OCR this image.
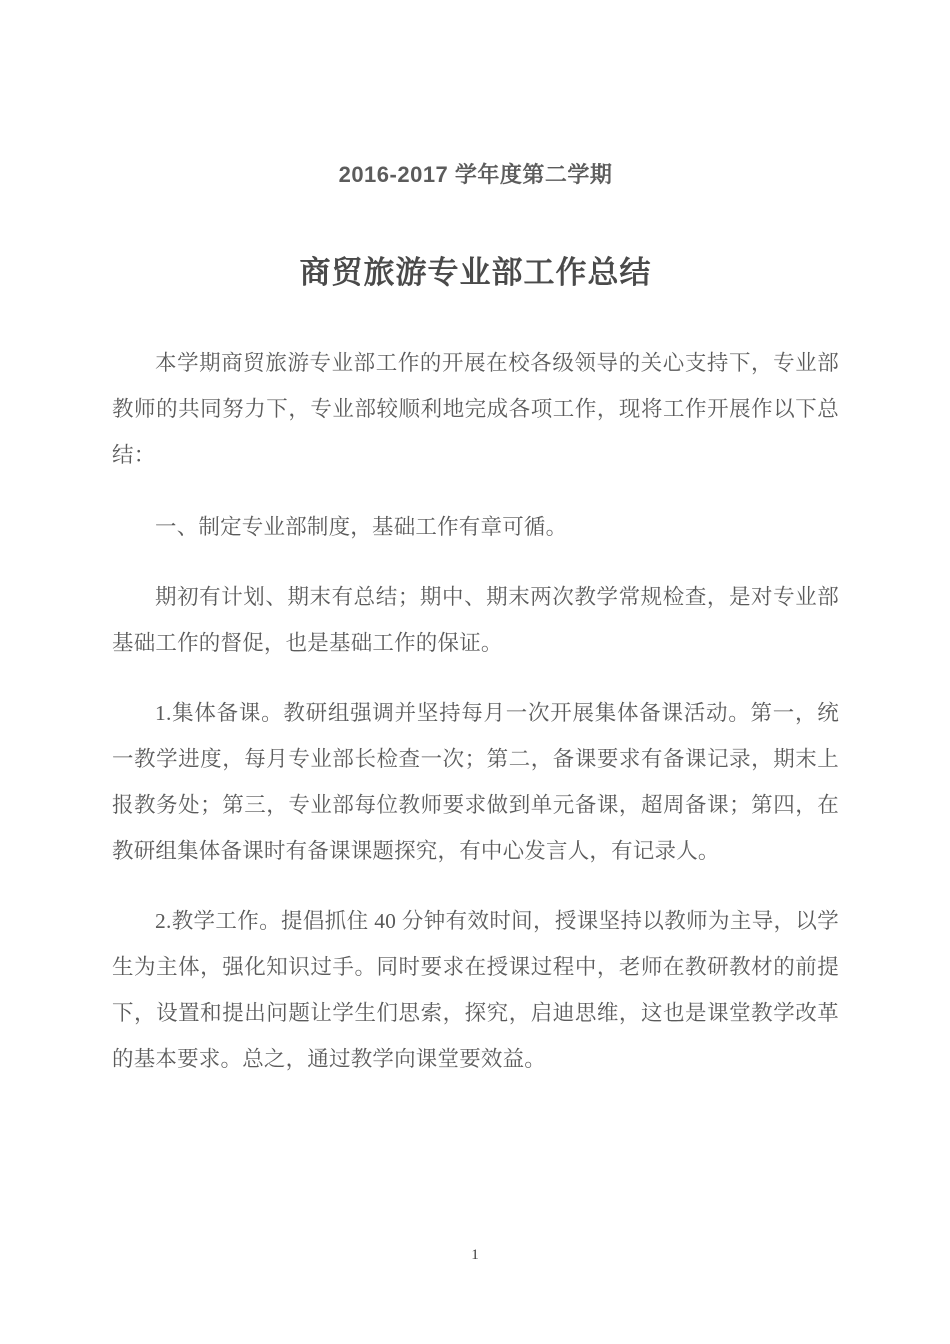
2016-2017 学年度第二学期
商贸旅游专业部工作总结

本学期商贸旅游专业部工作的开展在校各级领导的关心支持下，专业部教师的共同努力下，专业部较顺利地完成各项工作，现将工作开展作以下总结：

一、制定专业部制度，基础工作有章可循。

期初有计划、期末有总结；期中、期末两次教学常规检查，是对专业部基础工作的督促，也是基础工作的保证。

1.集体备课。教研组强调并坚持每月一次开展集体备课活动。第一，统一教学进度，每月专业部长检查一次；第二，备课要求有备课记录，期末上报教务处；第三，专业部每位教师要求做到单元备课，超周备课；第四，在教研组集体备课时有备课课题探究，有中心发言人，有记录人。

2.教学工作。提倡抓住 40 分钟有效时间，授课坚持以教师为主导，以学生为主体，强化知识过手。同时要求在授课过程中，老师在教研教材的前提下，设置和提出问题让学生们思索，探究，启迪思维，这也是课堂教学改革的基本要求。总之，通过教学向课堂要效益。

1
